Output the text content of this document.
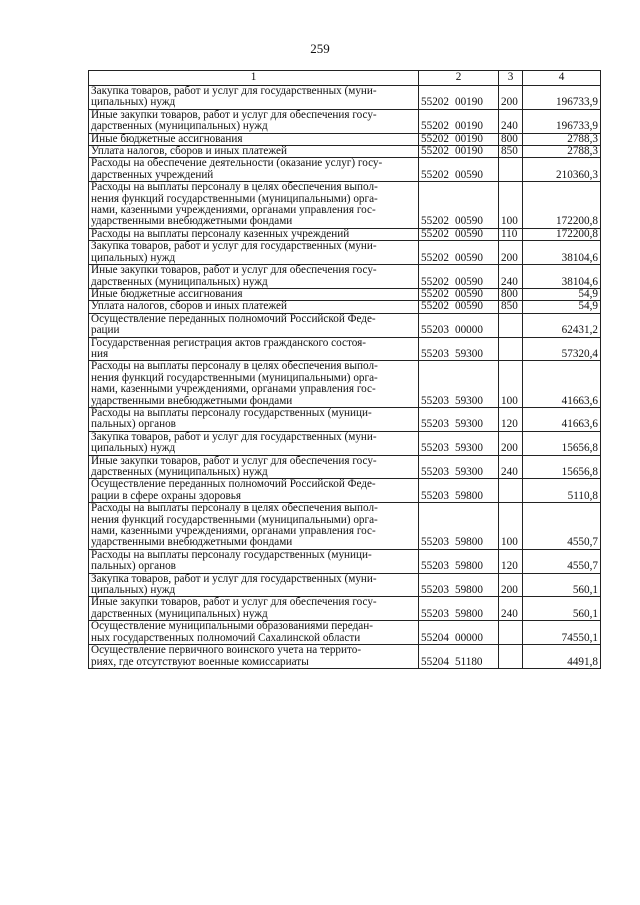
259
1	2	3	4

Закупка товаров, работ и услуг для государственных (муни-
ципальных) нужд	55202 00190	200	196733,9

Иные закупки товаров, работ и услуг для обеспечения госу-
дарственных (муниципальных) нужд	55202 00190	240	196733,9

Иные бюджетные ассигнования	55202 00190	800	2788,3

Уплата налогов, сборов и иных платежей	55202 00190	850	2788,3

Расходы на обеспечение деятельности (оказание услуг) госу-
дарственных учреждений	55202 00590		210360,3

Расходы на выплаты персоналу в целях обеспечения выпол-
нения функций государственными (муниципальными) орга-
нами, казенными учреждениями, органами управления гос-
ударственными внебюджетными фондами	55202 00590	100	172200,8

Расходы на выплаты персоналу казенных учреждений	55202 00590	110	172200,8

Закупка товаров, работ и услуг для государственных (муни-
ципальных) нужд	55202 00590	200	38104,6

Иные закупки товаров, работ и услуг для обеспечения госу-
дарственных (муниципальных) нужд	55202 00590	240	38104,6

Иные бюджетные ассигнования	55202 00590	800	54,9

Уплата налогов, сборов и иных платежей	55202 00590	850	54,9

Осуществление переданных полномочий Российской Феде-
рации	55203 00000		62431,2

Государственная регистрация актов гражданского состоя-
ния	55203 59300		57320,4

Расходы на выплаты персоналу в целях обеспечения выпол-
нения функций государственными (муниципальными) орга-
нами, казенными учреждениями, органами управления гос-
ударственными внебюджетными фондами	55203 59300	100	41663,6

Расходы на выплаты персоналу государственных (муници-
пальных) органов	55203 59300	120	41663,6

Закупка товаров, работ и услуг для государственных (муни-
ципальных) нужд	55203 59300	200	15656,8

Иные закупки товаров, работ и услуг для обеспечения госу-
дарственных (муниципальных) нужд	55203 59300	240	15656,8

Осуществление переданных полномочий Российской Феде-
рации в сфере охраны здоровья	55203 59800		5110,8

Расходы на выплаты персоналу в целях обеспечения выпол-
нения функций государственными (муниципальными) орга-
нами, казенными учреждениями, органами управления гос-
ударственными внебюджетными фондами	55203 59800	100	4550,7

Расходы на выплаты персоналу государственных (муници-
пальных) органов	55203 59800	120	4550,7

Закупка товаров, работ и услуг для государственных (муни-
ципальных) нужд	55203 59800	200	560,1

Иные закупки товаров, работ и услуг для обеспечения госу-
дарственных (муниципальных) нужд	55203 59800	240	560,1

Осуществление муниципальными образованиями передан-
ных государственных полномочий Сахалинской области	55204 00000		74550,1

Осуществление первичного воинского учета на террито-
риях, где отсутствуют военные комиссариаты	55204 51180		4491,8
